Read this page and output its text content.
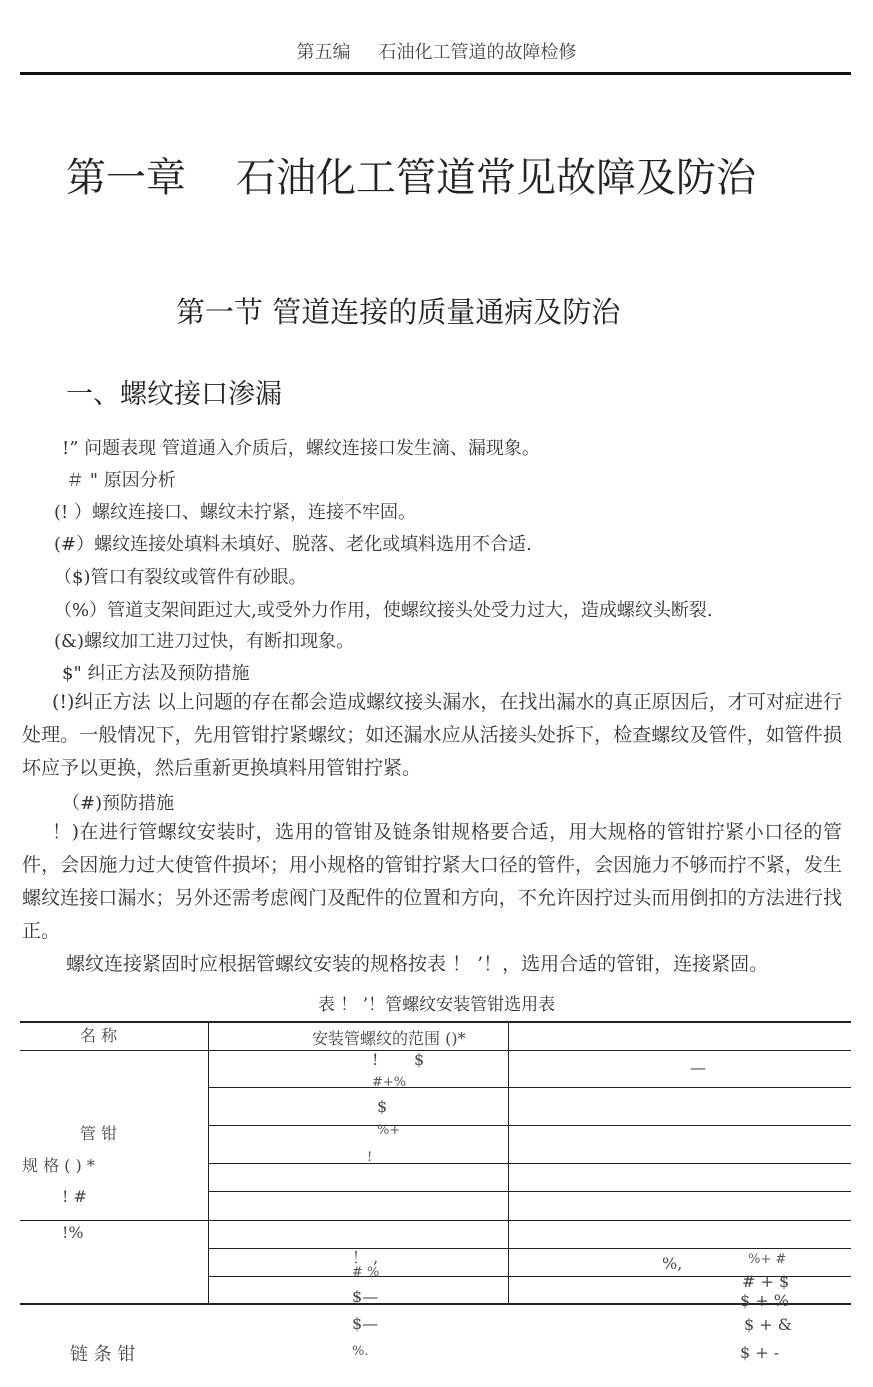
第五编 石油化工管道的故障检修
第一章 石油化工管道常见故障及防治
第一节 管道连接的质量通病及防治
一、螺纹接口渗漏
!” 问题表现 管道通入介质后，螺纹连接口发生滴、漏现象。
＃ " 原因分析
(! ）螺纹连接口、螺纹未拧紧，连接不牢固。
(#）螺纹连接处填料未填好、脱落、老化或填料选用不合适.
（$)管口有裂纹或管件有砂眼。
（%）管道支架间距过大,或受外力作用，使螺纹接头处受力过大，造成螺纹头断裂.
(&)螺纹加工进刀过快，有断扣现象。
$" 纠正方法及预防措施
(!)纠正方法 以上问题的存在都会造成螺纹接头漏水，在找出漏水的真正原因后，才可对症进行处理。一般情况下，先用管钳拧紧螺纹；如还漏水应从活接头处拆下，检查螺纹及管件，如管件损坏应予以更换，然后重新更换填料用管钳拧紧。
（#)预防措施
！)在进行管螺纹安装时，选用的管钳及链条钳规格要合适，用大规格的管钳拧紧小口径的管件，会因施力过大使管件损坏；用小规格的管钳拧紧大口径的管件，会因施力不够而拧不紧，发生螺纹连接口漏水；另外还需考虑阀门及配件的位置和方向，不允许因拧过头而用倒扣的方法进行找正。
螺纹连接紧固时应根据管螺纹安装的规格按表 ！ ’！，选用合适的管钳，连接紧固。
表 ！ ’！管螺纹安装管钳选用表
名 称	安装管螺纹的范围 ()*
管 钳
规 格 ( ) *
! #
!%
链 条 钳
! $
#+%
$
%+
!
！ ,
# %
$—
$—
%.
—
%,	%+ #
# + $
$ + %
$ + &
$ + -
